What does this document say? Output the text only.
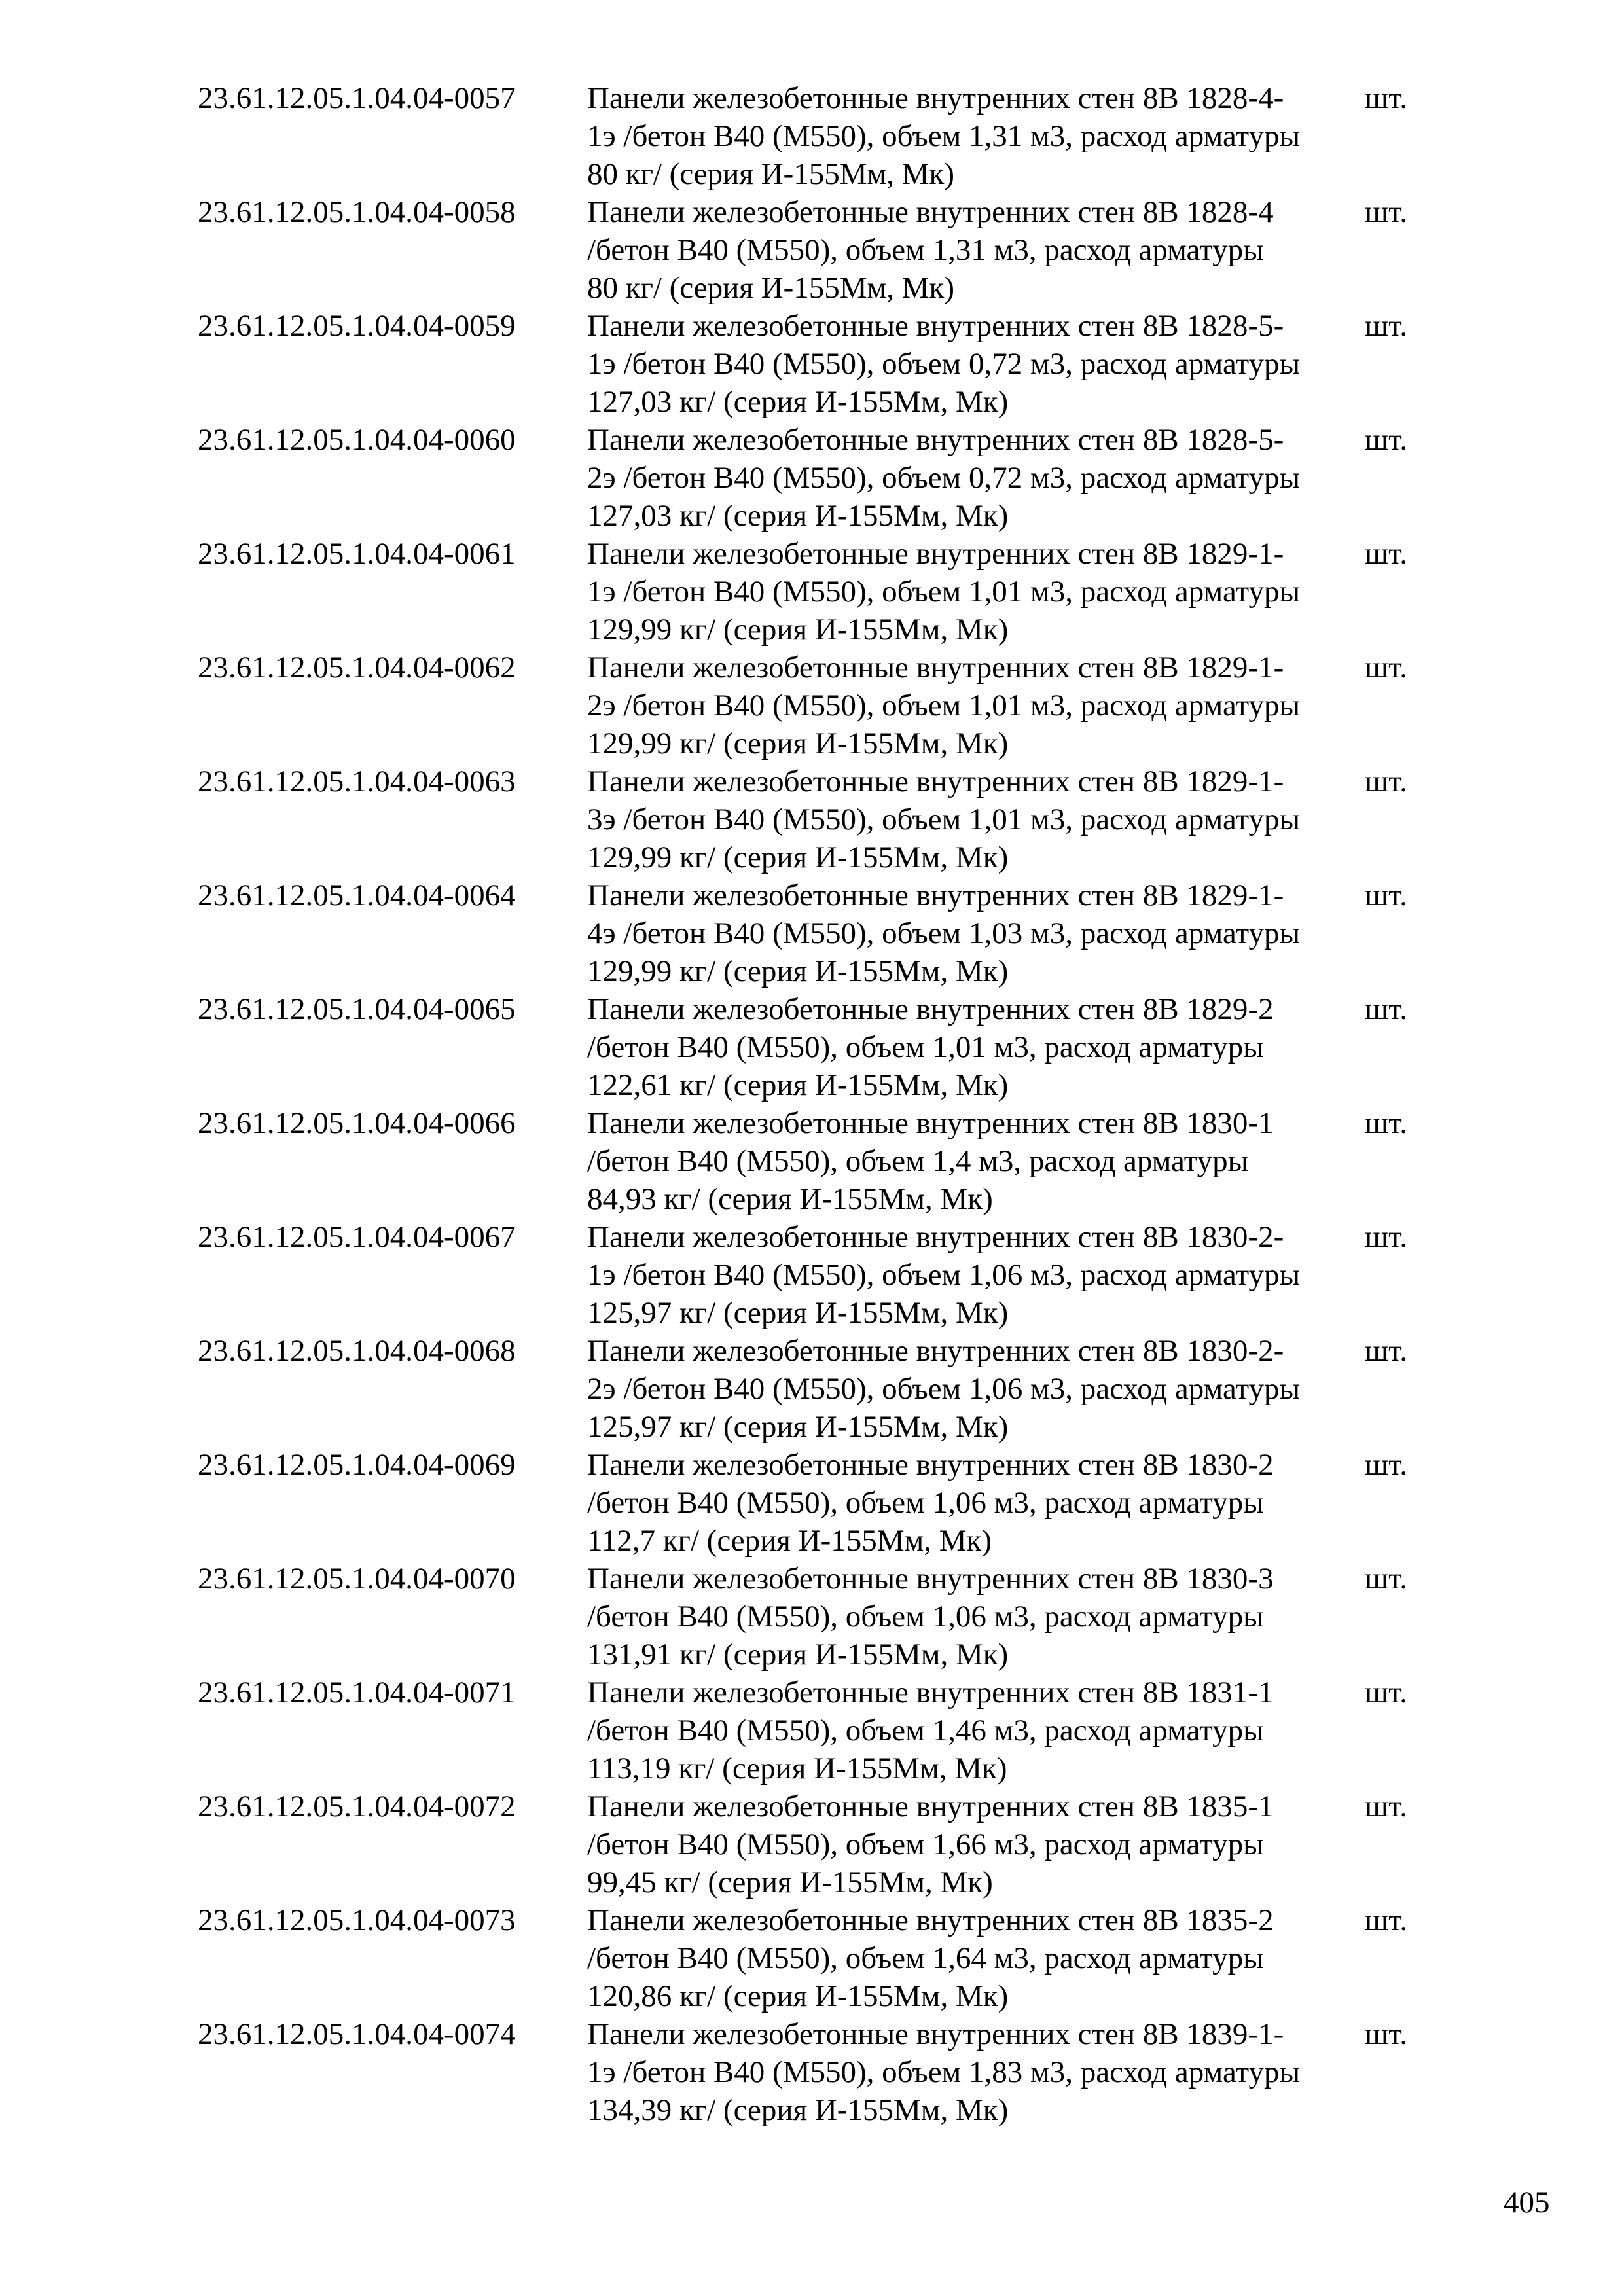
23.61.12.05.1.04.04-0057 Панели железобетонные внутренних стен 8В 1828-4-
1э /бетон В40 (М550), объем 1,31 м3, расход арматуры
80 кг/ (серия И-155Мм, Мк)
шт.
23.61.12.05.1.04.04-0058 Панели железобетонные внутренних стен 8В 1828-4
/бетон В40 (М550), объем 1,31 м3, расход арматуры
80 кг/ (серия И-155Мм, Мк)
шт.
23.61.12.05.1.04.04-0059 Панели железобетонные внутренних стен 8В 1828-5-
1э /бетон В40 (М550), объем 0,72 м3, расход арматуры
127,03 кг/ (серия И-155Мм, Мк)
шт.
23.61.12.05.1.04.04-0060 Панели железобетонные внутренних стен 8В 1828-5-
2э /бетон В40 (М550), объем 0,72 м3, расход арматуры
127,03 кг/ (серия И-155Мм, Мк)
шт.
23.61.12.05.1.04.04-0061 Панели железобетонные внутренних стен 8В 1829-1-
1э /бетон В40 (М550), объем 1,01 м3, расход арматуры
129,99 кг/ (серия И-155Мм, Мк)
шт.
23.61.12.05.1.04.04-0062 Панели железобетонные внутренних стен 8В 1829-1-
2э /бетон В40 (М550), объем 1,01 м3, расход арматуры
129,99 кг/ (серия И-155Мм, Мк)
шт.
23.61.12.05.1.04.04-0063 Панели железобетонные внутренних стен 8В 1829-1-
3э /бетон В40 (М550), объем 1,01 м3, расход арматуры
129,99 кг/ (серия И-155Мм, Мк)
шт.
23.61.12.05.1.04.04-0064 Панели железобетонные внутренних стен 8В 1829-1-
4э /бетон В40 (М550), объем 1,03 м3, расход арматуры
129,99 кг/ (серия И-155Мм, Мк)
шт.
23.61.12.05.1.04.04-0065 Панели железобетонные внутренних стен 8В 1829-2
/бетон В40 (М550), объем 1,01 м3, расход арматуры
122,61 кг/ (серия И-155Мм, Мк)
шт.
23.61.12.05.1.04.04-0066 Панели железобетонные внутренних стен 8В 1830-1
/бетон В40 (М550), объем 1,4 м3, расход арматуры
84,93 кг/ (серия И-155Мм, Мк)
шт.
23.61.12.05.1.04.04-0067 Панели железобетонные внутренних стен 8В 1830-2-
1э /бетон В40 (М550), объем 1,06 м3, расход арматуры
125,97 кг/ (серия И-155Мм, Мк)
шт.
23.61.12.05.1.04.04-0068 Панели железобетонные внутренних стен 8В 1830-2-
2э /бетон В40 (М550), объем 1,06 м3, расход арматуры
125,97 кг/ (серия И-155Мм, Мк)
шт.
23.61.12.05.1.04.04-0069 Панели железобетонные внутренних стен 8В 1830-2
/бетон В40 (М550), объем 1,06 м3, расход арматуры
112,7 кг/ (серия И-155Мм, Мк)
шт.
23.61.12.05.1.04.04-0070 Панели железобетонные внутренних стен 8В 1830-3
/бетон В40 (М550), объем 1,06 м3, расход арматуры
131,91 кг/ (серия И-155Мм, Мк)
шт.
23.61.12.05.1.04.04-0071 Панели железобетонные внутренних стен 8В 1831-1
/бетон В40 (М550), объем 1,46 м3, расход арматуры
113,19 кг/ (серия И-155Мм, Мк)
шт.
23.61.12.05.1.04.04-0072 Панели железобетонные внутренних стен 8В 1835-1
/бетон В40 (М550), объем 1,66 м3, расход арматуры
99,45 кг/ (серия И-155Мм, Мк)
шт.
23.61.12.05.1.04.04-0073 Панели железобетонные внутренних стен 8В 1835-2
/бетон В40 (М550), объем 1,64 м3, расход арматуры
120,86 кг/ (серия И-155Мм, Мк)
шт.
23.61.12.05.1.04.04-0074 Панели железобетонные внутренних стен 8В 1839-1-
1э /бетон В40 (М550), объем 1,83 м3, расход арматуры
134,39 кг/ (серия И-155Мм, Мк)
шт.
405
